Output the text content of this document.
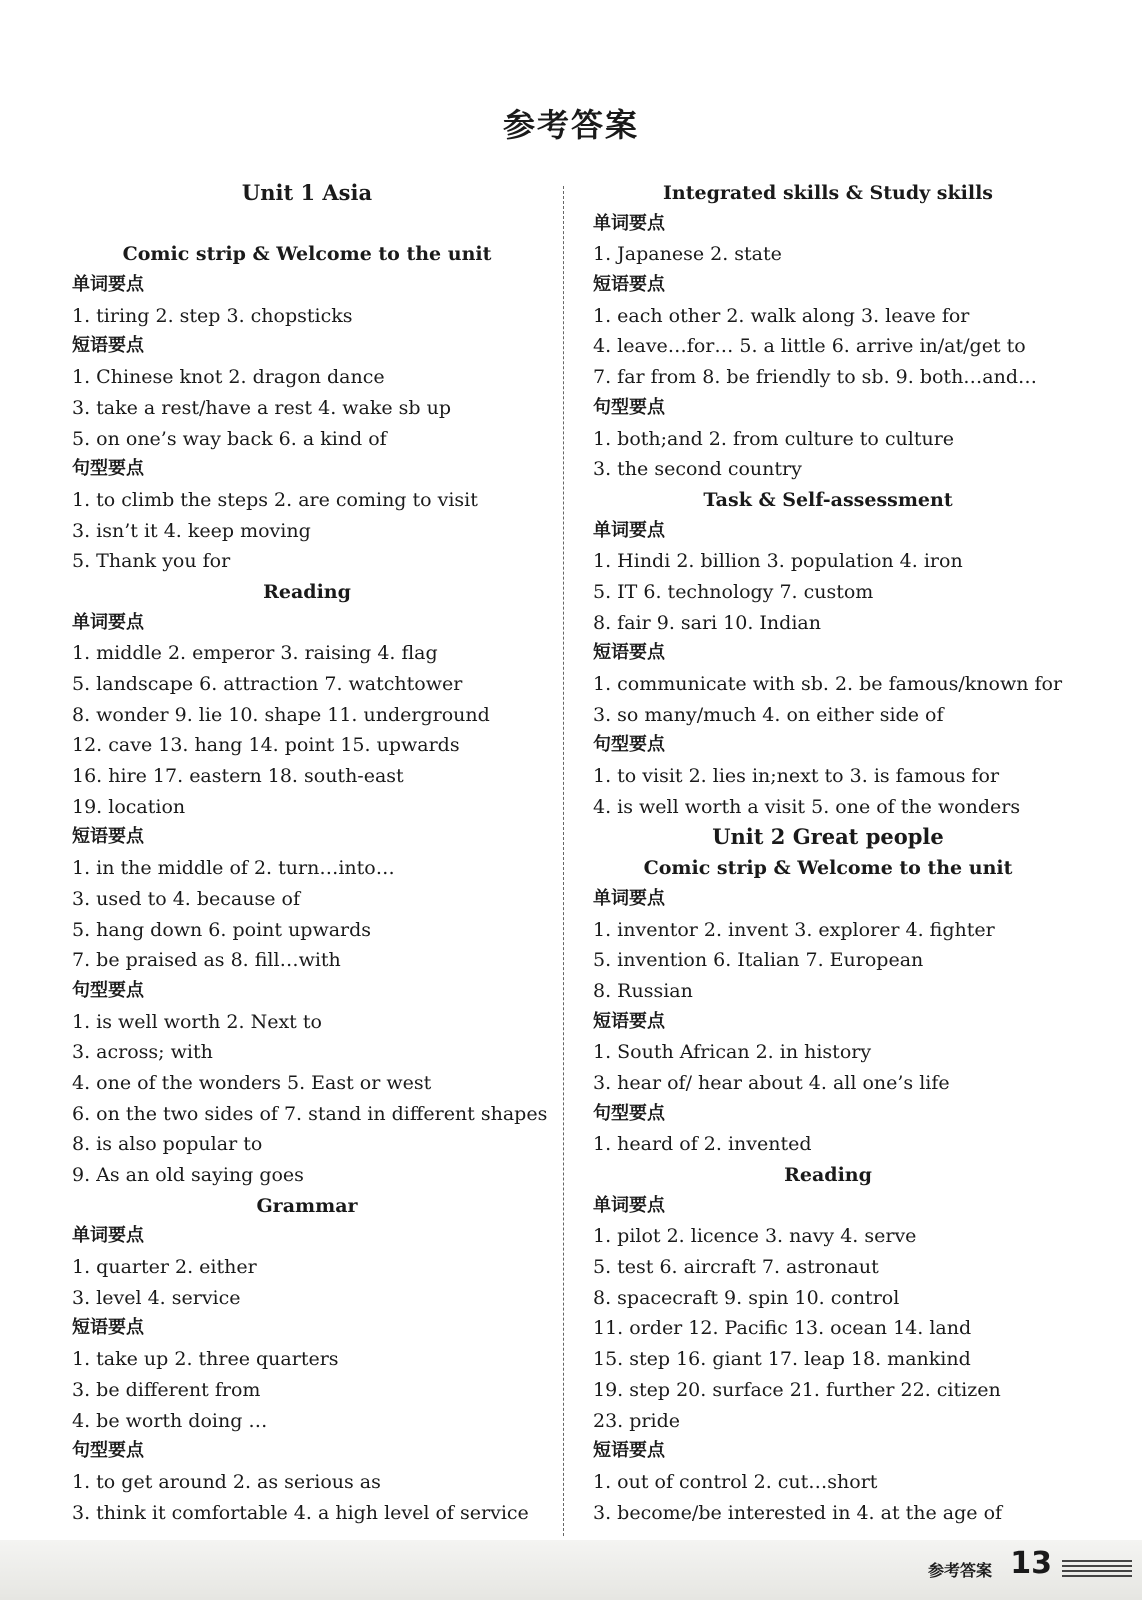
参考答案
Unit 1 Asia
Comic strip & Welcome to the unit
单词要点
1. tiring 2. step 3. chopsticks
短语要点
1. Chinese knot 2. dragon dance
3. take a rest/have a rest 4. wake sb up
5. on one’s way back 6. a kind of
句型要点
1. to climb the steps 2. are coming to visit
3. isn’t it 4. keep moving
5. Thank you for
Reading
单词要点
1. middle 2. emperor 3. raising 4. flag
5. landscape 6. attraction 7. watchtower
8. wonder 9. lie 10. shape 11. underground
12. cave 13. hang 14. point 15. upwards
16. hire 17. eastern 18. south-east
19. location
短语要点
1. in the middle of 2. turn…into…
3. used to 4. because of
5. hang down 6. point upwards
7. be praised as 8. fill…with
句型要点
1. is well worth 2. Next to
3. across; with
4. one of the wonders 5. East or west
6. on the two sides of 7. stand in different shapes
8. is also popular to
9. As an old saying goes
Grammar
单词要点
1. quarter 2. either
3. level 4. service
短语要点
1. take up 2. three quarters
3. be different from
4. be worth doing …
句型要点
1. to get around 2. as serious as
3. think it comfortable 4. a high level of service
Integrated skills & Study skills
单词要点
1. Japanese 2. state
短语要点
1. each other 2. walk along 3. leave for
4. leave…for… 5. a little 6. arrive in/at/get to
7. far from 8. be friendly to sb. 9. both…and…
句型要点
1. both;and 2. from culture to culture
3. the second country
Task & Self-assessment
单词要点
1. Hindi 2. billion 3. population 4. iron
5. IT 6. technology 7. custom
8. fair 9. sari 10. Indian
短语要点
1. communicate with sb. 2. be famous/known for
3. so many/much 4. on either side of
句型要点
1. to visit 2. lies in;next to 3. is famous for
4. is well worth a visit 5. one of the wonders
Unit 2 Great people
Comic strip & Welcome to the unit
单词要点
1. inventor 2. invent 3. explorer 4. fighter
5. invention 6. Italian 7. European
8. Russian
短语要点
1. South African 2. in history
3. hear of/ hear about 4. all one’s life
句型要点
1. heard of 2. invented
Reading
单词要点
1. pilot 2. licence 3. navy 4. serve
5. test 6. aircraft 7. astronaut
8. spacecraft 9. spin 10. control
11. order 12. Pacific 13. ocean 14. land
15. step 16. giant 17. leap 18. mankind
19. step 20. surface 21. further 22. citizen
23. pride
短语要点
1. out of control 2. cut…short
3. become/be interested in 4. at the age of
参考答案 13
